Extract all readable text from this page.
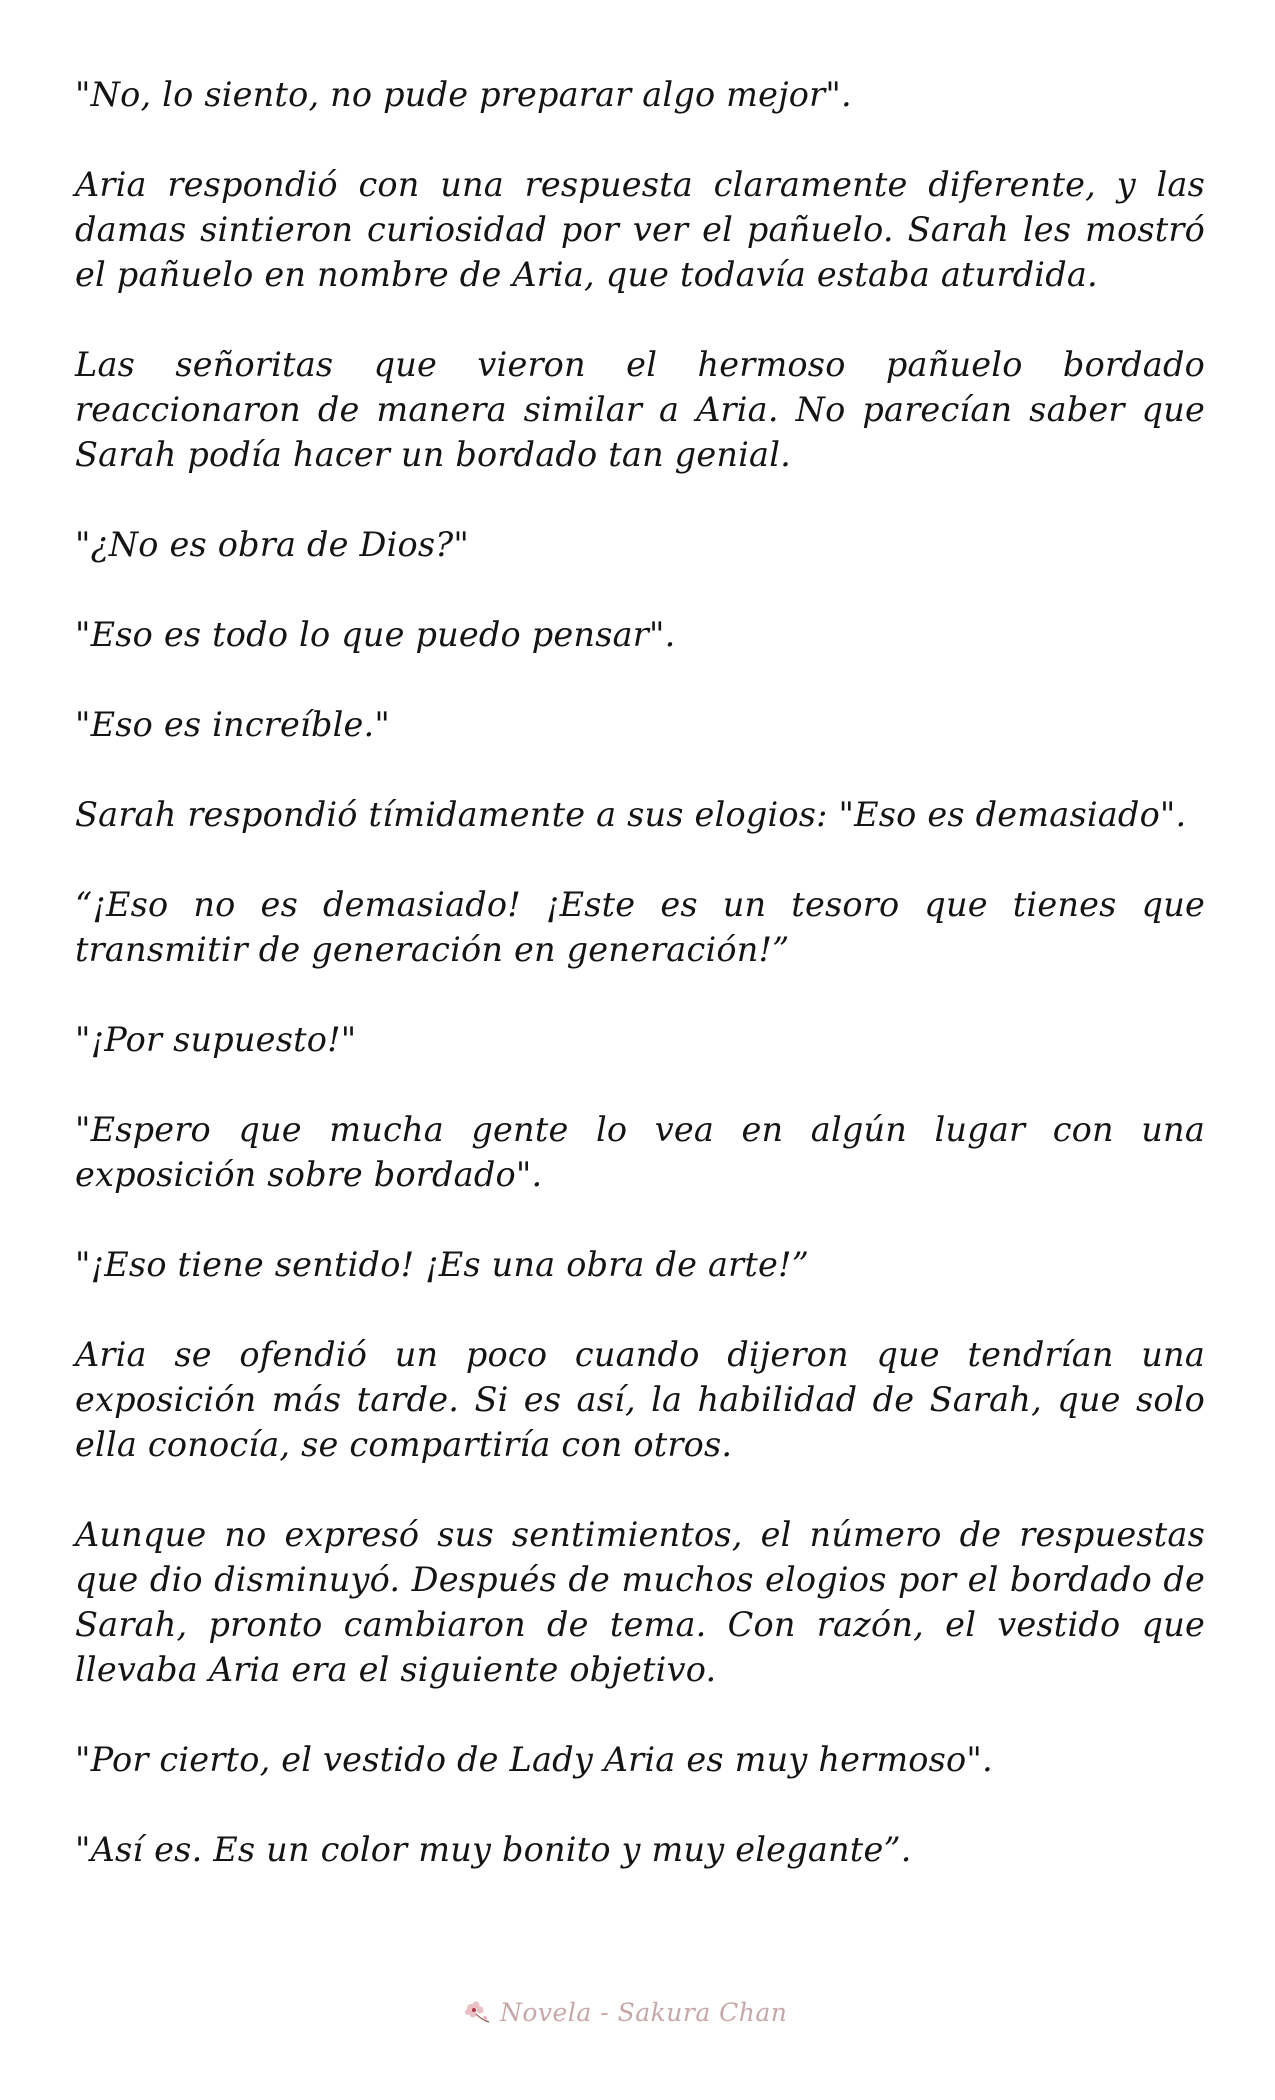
"No, lo siento, no pude preparar algo mejor".

Aria respondió con una respuesta claramente diferente, y las damas sintieron curiosidad por ver el pañuelo. Sarah les mostró el pañuelo en nombre de Aria, que todavía estaba aturdida.

Las señoritas que vieron el hermoso pañuelo bordado reaccionaron de manera similar a Aria. No parecían saber que Sarah podía hacer un bordado tan genial.

"¿No es obra de Dios?"

"Eso es todo lo que puedo pensar".

"Eso es increíble."

Sarah respondió tímidamente a sus elogios: "Eso es demasiado".

“¡Eso no es demasiado! ¡Este es un tesoro que tienes que transmitir de generación en generación!”

"¡Por supuesto!"

"Espero que mucha gente lo vea en algún lugar con una exposición sobre bordado".

"¡Eso tiene sentido! ¡Es una obra de arte!”

Aria se ofendió un poco cuando dijeron que tendrían una exposición más tarde. Si es así, la habilidad de Sarah, que solo ella conocía, se compartiría con otros.

Aunque no expresó sus sentimientos, el número de respuestas que dio disminuyó. Después de muchos elogios por el bordado de Sarah, pronto cambiaron de tema. Con razón, el vestido que llevaba Aria era el siguiente objetivo.

"Por cierto, el vestido de Lady Aria es muy hermoso".

"Así es. Es un color muy bonito y muy elegante”.

Novela - Sakura Chan
